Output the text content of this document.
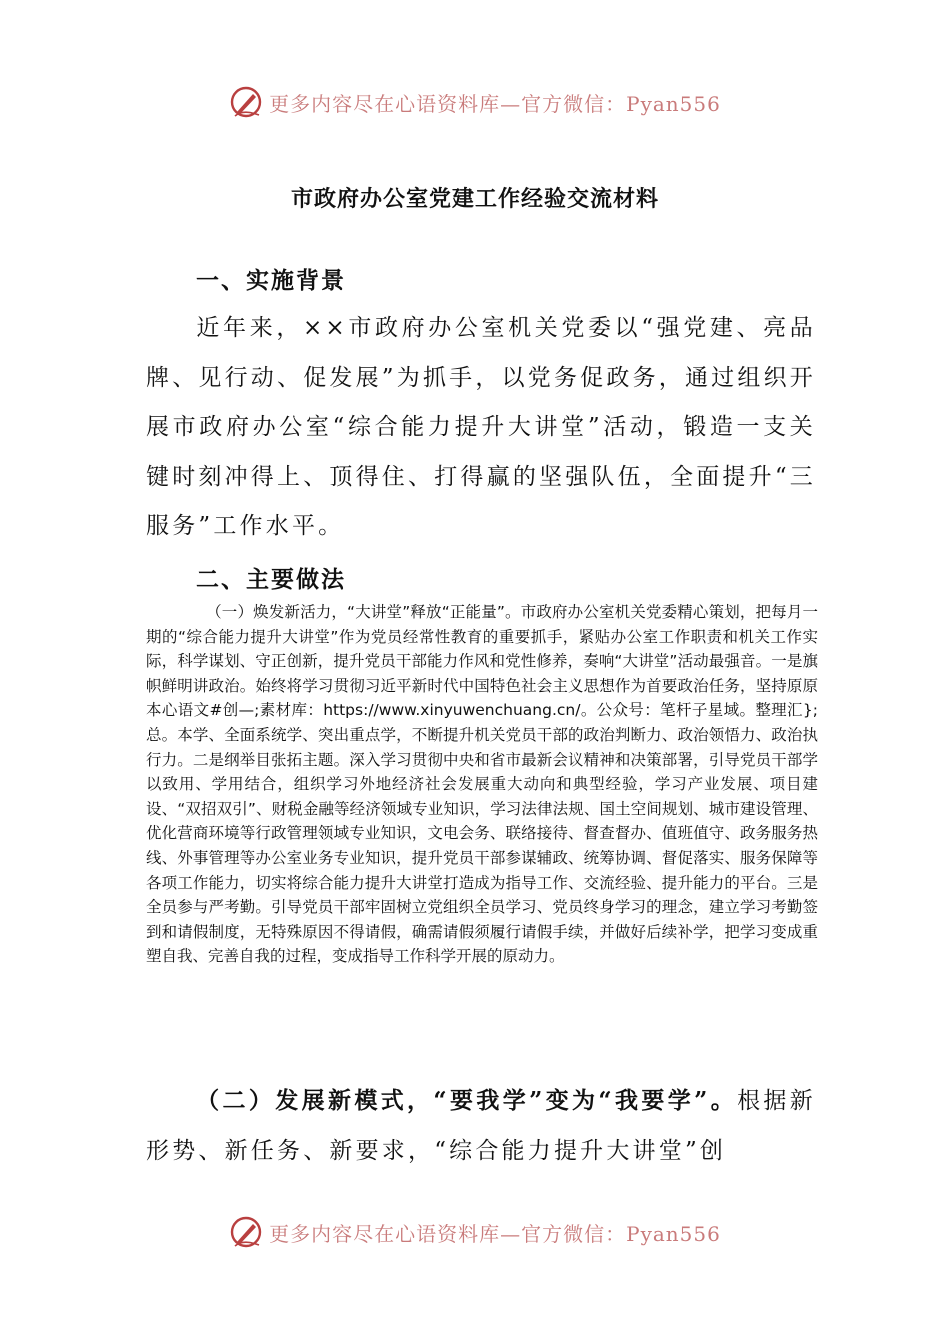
更多内容尽在心语资料库—官方微信：Pyan556
市政府办公室党建工作经验交流材料
一、实施背景
近年来，××市政府办公室机关党委以“强党建、亮品牌、见行动、促发展”为抓手，以党务促政务，通过组织开展市政府办公室“综合能力提升大讲堂”活动，锻造一支关键时刻冲得上、顶得住、打得赢的坚强队伍，全面提升“三服务”工作水平。
二、主要做法
（一）焕发新活力，“大讲堂”释放“正能量”。市政府办公室机关党委精心策划，把每月一期的“综合能力提升大讲堂”作为党员经常性教育的重要抓手，紧贴办公室工作职责和机关工作实际，科学谋划、守正创新，提升党员干部能力作风和党性修养，奏响“大讲堂”活动最强音。一是旗帜鲜明讲政治。始终将学习贯彻习近平新时代中国特色社会主义思想作为首要政治任务，坚持原原本心语文#创—;素材库：https://www.xinyuwenchuang.cn/。公众号：笔杆子星域。整理汇};总。本学、全面系统学、突出重点学，不断提升机关党员干部的政治判断力、政治领悟力、政治执行力。二是纲举目张拓主题。深入学习贯彻中央和省市最新会议精神和决策部署，引导党员干部学以致用、学用结合，组织学习外地经济社会发展重大动向和典型经验，学习产业发展、项目建设、“双招双引”、财税金融等经济领域专业知识，学习法律法规、国土空间规划、城市建设管理、优化营商环境等行政管理领域专业知识，文电会务、联络接待、督查督办、值班值守、政务服务热线、外事管理等办公室业务专业知识，提升党员干部参谋辅政、统筹协调、督促落实、服务保障等各项工作能力，切实将综合能力提升大讲堂打造成为指导工作、交流经验、提升能力的平台。三是全员参与严考勤。引导党员干部牢固树立党组织全员学习、党员终身学习的理念，建立学习考勤签到和请假制度，无特殊原因不得请假，确需请假须履行请假手续，并做好后续补学，把学习变成重塑自我、完善自我的过程，变成指导工作科学开展的原动力。
（二）发展新模式，“要我学”变为“我要学”。根据新形势、新任务、新要求，“综合能力提升大讲堂”创
更多内容尽在心语资料库—官方微信：Pyan556
